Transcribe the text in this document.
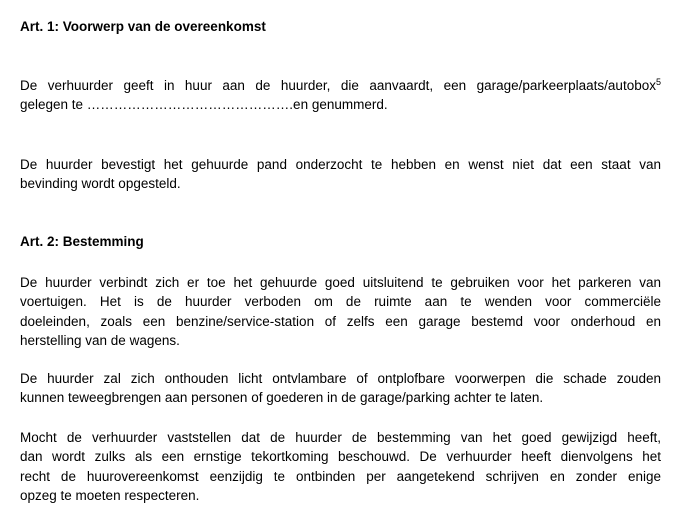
Art. 1: Voorwerp van de overeenkomst
De verhuurder geeft in huur aan de huurder, die aanvaardt, een garage/parkeerplaats/autobox$^5$
gelegen te ……………………………………….en genummerd.
De huurder bevestigt het gehuurde pand onderzocht te hebben en wenst niet dat een staat van
bevinding wordt opgesteld.
Art. 2: Bestemming
De huurder verbindt zich er toe het gehuurde goed uitsluitend te gebruiken voor het parkeren van
voertuigen. Het is de huurder verboden om de ruimte aan te wenden voor commerciële
doeleinden, zoals een benzine/service-station of zelfs een garage bestemd voor onderhoud en
herstelling van de wagens.
De huurder zal zich onthouden licht ontvlambare of ontplofbare voorwerpen die schade zouden
kunnen teweegbrengen aan personen of goederen in de garage/parking achter te laten.
Mocht de verhuurder vaststellen dat de huurder de bestemming van het goed gewijzigd heeft,
dan wordt zulks als een ernstige tekortkoming beschouwd. De verhuurder heeft dienvolgens het
recht de huurovereenkomst eenzijdig te ontbinden per aangetekend schrijven en zonder enige
opzeg te moeten respecteren.
